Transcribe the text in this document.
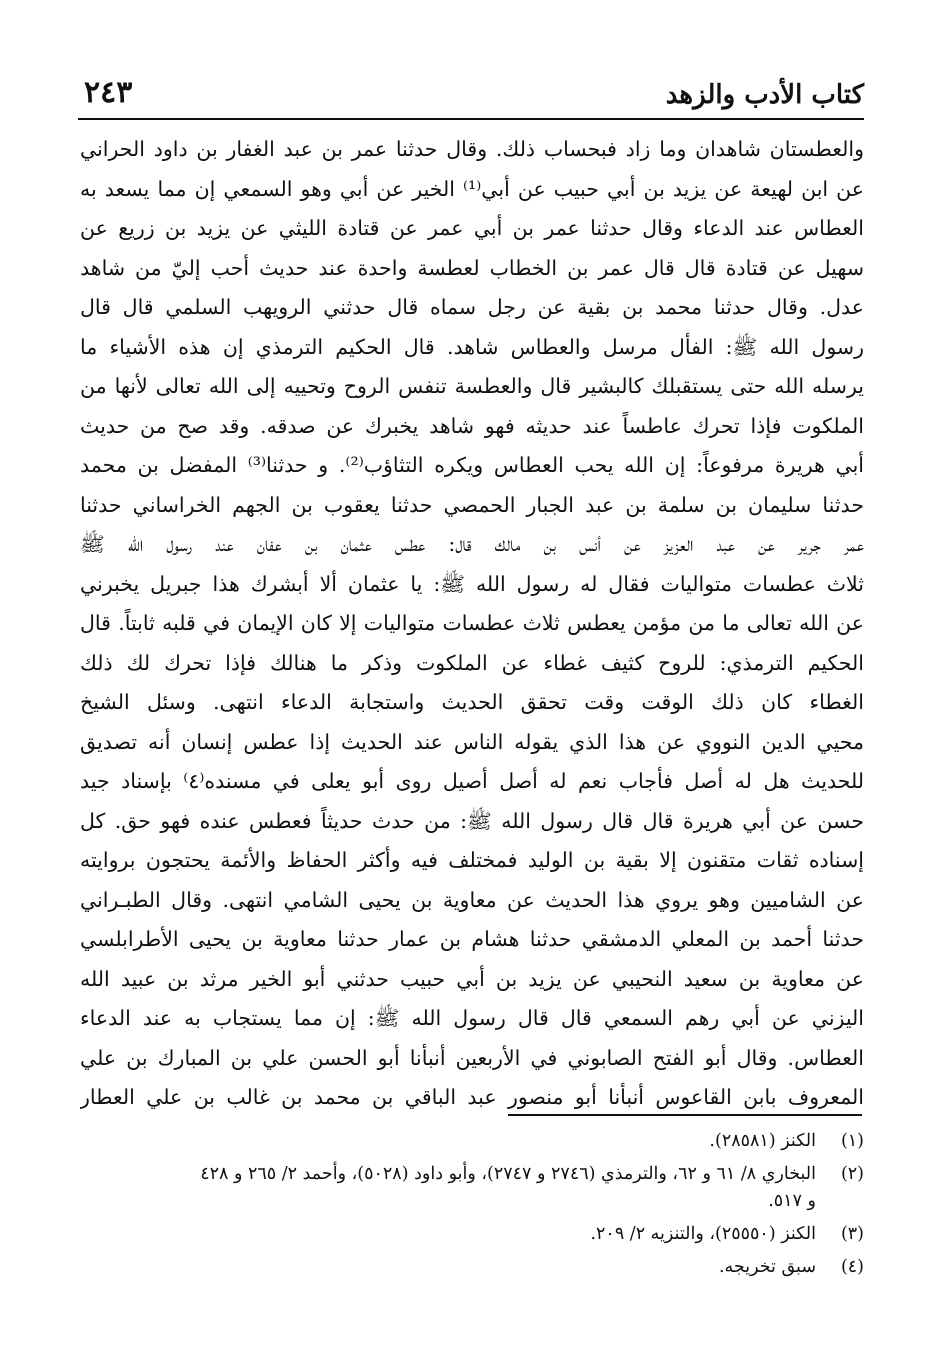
كتاب الأدب والزهد
٢٤٣
والعطستان شاهدان وما زاد فبحساب ذلك. وقال حدثنا عمر بن عبد الغفار بن داود الحراني
عن ابن لهيعة عن يزيد بن أبي حبيب عن أبي⁽¹⁾ الخير عن أبي وهو السمعي إن مما يسعد به
العطاس عند الدعاء وقال حدثنا عمر بن أبي عمر عن قتادة الليثي عن يزيد بن زريع عن
سهيل عن قتادة قال قال عمر بن الخطاب لعطسة واحدة عند حديث أحب إليّ من شاهد
عدل. وقال حدثنا محمد بن بقية عن رجل سماه قال حدثني الرويهب السلمي قال قال
رسول الله ﷺ: الفأل مرسل والعطاس شاهد. قال الحكيم الترمذي إن هذه الأشياء ما
يرسله الله حتى يستقبلك كالبشير قال والعطسة تنفس الروح وتحييه إلى الله تعالى لأنها من
الملكوت فإذا تحرك عاطساً عند حديثه فهو شاهد يخبرك عن صدقه. وقد صح من حديث
أبي هريرة مرفوعاً: إن الله يحب العطاس ويكره التثاؤب⁽²⁾. و حدثنا⁽³⁾ المفضل بن محمد
حدثنا سليمان بن سلمة بن عبد الجبار الحمصي حدثنا يعقوب بن الجهم الخراساني حدثنا
عمر جرير عن عبد العزيز عن أنس بن مالك قال: عطس عثمان بن عفان عند رسول الله ﷺ
ثلاث عطسات متواليات فقال له رسول الله ﷺ: يا عثمان ألا أبشرك هذا جبريل يخبرني
عن الله تعالى ما من مؤمن يعطس ثلاث عطسات متواليات إلا كان الإيمان في قلبه ثابتاً. قال
الحكيم الترمذي: للروح كثيف غطاء عن الملكوت وذكر ما هنالك فإذا تحرك لك ذلك
الغطاء كان ذلك الوقت وقت تحقق الحديث واستجابة الدعاء انتهى. وسئل الشيخ
محيي الدين النووي عن هذا الذي يقوله الناس عند الحديث إذا عطس إنسان أنه تصديق
للحديث هل له أصل فأجاب نعم له أصل أصيل روى أبو يعلى في مسنده⁽٤⁾ بإسناد جيد
حسن عن أبي هريرة قال قال رسول الله ﷺ: من حدث حديثاً فعطس عنده فهو حق. كل
إسناده ثقات متقنون إلا بقية بن الوليد فمختلف فيه وأكثر الحفاظ والأئمة يحتجون بروايته
عن الشاميين وهو يروي هذا الحديث عن معاوية بن يحيى الشامي انتهى. وقال الطبـراني
حدثنا أحمد بن المعلي الدمشقي حدثنا هشام بن عمار حدثنا معاوية بن يحيى الأطرابلسي
عن معاوية بن سعيد النحيبي عن يزيد بن أبي حبيب حدثني أبو الخير مرثد بن عبيد الله
اليزني عن أبي رهم السمعي قال قال رسول الله ﷺ: إن مما يستجاب به عند الدعاء
العطاس. وقال أبو الفتح الصابوني في الأربعين أنبأنا أبو الحسن علي بن المبارك بن علي
المعروف بابن القاعوس أنبأنا أبو منصور عبد الباقي بن محمد بن غالب بن علي العطار
(١)
الكنز (٢٨٥٨١).
(٢)
البخاري ٨/ ٦١ و ٦٢، والترمذي (٢٧٤٦ و ٢٧٤٧)، وأبو داود (٥٠٢٨)، وأحمد ٢/ ٢٦٥ و ٤٢٨
و ٥١٧.
(٣)
الكنز (٢٥٥٥٠)، والتنزيه ٢/ ٢٠٩.
(٤)
سبق تخريجه.
